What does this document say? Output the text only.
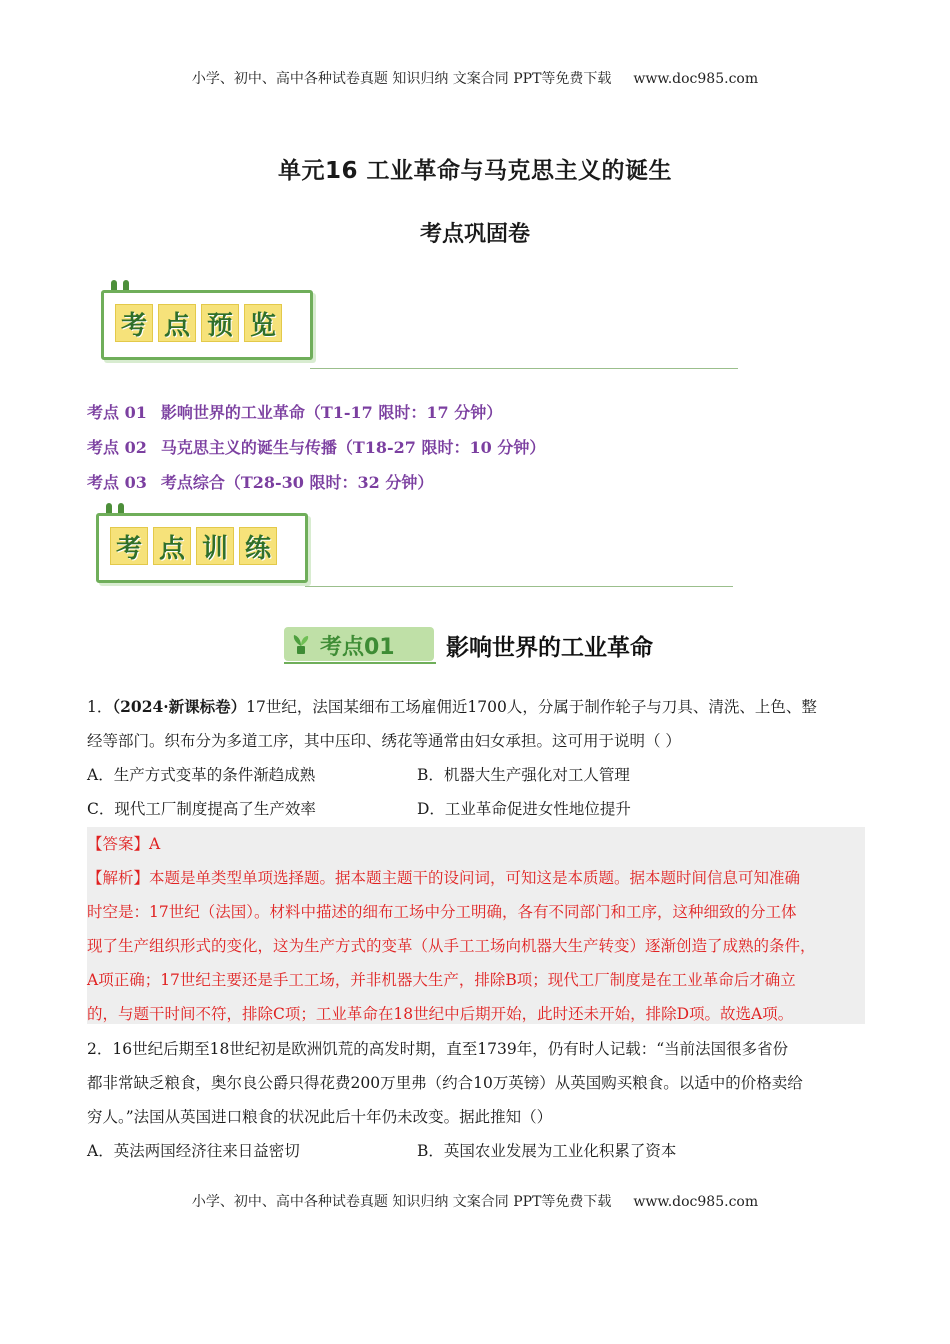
小学、初中、高中各种试卷真题 知识归纳 文案合同 PPT等免费下载 www.doc985.com
单元16 工业革命与马克思主义的诞生
考点巩固卷
考 点 预 览
考点 01 影响世界的工业革命（T1-17 限时：17 分钟）
考点 02 马克思主义的诞生与传播（T18-27 限时：10 分钟）
考点 03 考点综合（T28-30 限时：32 分钟）
考 点 训 练
考点01 影响世界的工业革命
1．（2024·新课标卷）17世纪，法国某细布工场雇佣近1700人，分属于制作轮子与刀具、清洗、上色、整
经等部门。织布分为多道工序，其中压印、绣花等通常由妇女承担。这可用于说明（ ）
A．生产方式变革的条件渐趋成熟	B．机器大生产强化对工人管理
C．现代工厂制度提高了生产效率	D．工业革命促进女性地位提升
【答案】A
【解析】本题是单类型单项选择题。据本题主题干的设问词，可知这是本质题。据本题时间信息可知准确
时空是：17世纪（法国）。材料中描述的细布工场中分工明确，各有不同部门和工序，这种细致的分工体
现了生产组织形式的变化，这为生产方式的变革（从手工工场向机器大生产转变）逐渐创造了成熟的条件，
A项正确；17世纪主要还是手工工场，并非机器大生产，排除B项；现代工厂制度是在工业革命后才确立
的，与题干时间不符，排除C项；工业革命在18世纪中后期开始，此时还未开始，排除D项。故选A项。
2．16世纪后期至18世纪初是欧洲饥荒的高发时期，直至1739年，仍有时人记载：“当前法国很多省份
都非常缺乏粮食，奥尔良公爵只得花费200万里弗（约合10万英镑）从英国购买粮食。以适中的价格卖给
穷人。”法国从英国进口粮食的状况此后十年仍未改变。据此推知（）
A．英法两国经济往来日益密切	B．英国农业发展为工业化积累了资本
小学、初中、高中各种试卷真题 知识归纳 文案合同 PPT等免费下载 www.doc985.com
